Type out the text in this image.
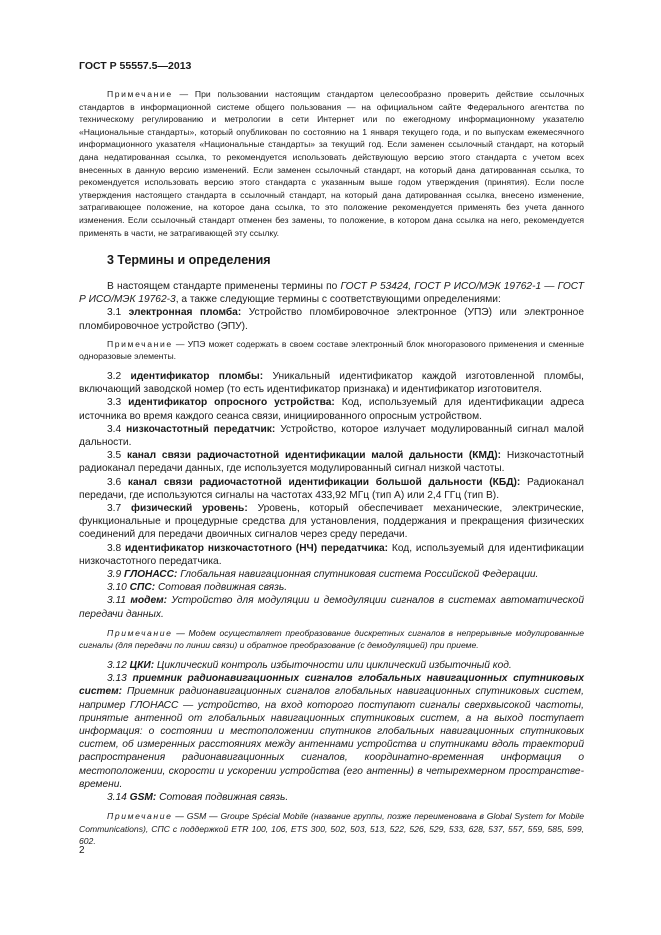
ГОСТ Р 55557.5—2013

Примечание — При пользовании настоящим стандартом целесообразно проверить действие ссылочных стандартов в информационной системе общего пользования — на официальном сайте Федерального агентства по техническому регулированию и метрологии в сети Интернет или по ежегодному информационному указателю «Национальные стандарты», который опубликован по состоянию на 1 января текущего года, и по выпускам ежемесячного информационного указателя «Национальные стандарты» за текущий год. Если заменен ссылочный стандарт, на который дана недатированная ссылка, то рекомендуется использовать действующую версию этого стандарта с учетом всех внесенных в данную версию изменений. Если заменен ссылочный стандарт, на который дана датированная ссылка, то рекомендуется использовать версию этого стандарта с указанным выше годом утверждения (принятия). Если после утверждения настоящего стандарта в ссылочный стандарт, на который дана датированная ссылка, внесено изменение, затрагивающее положение, на которое дана ссылка, то это положение рекомендуется применять без учета данного изменения. Если ссылочный стандарт отменен без замены, то положение, в котором дана ссылка на него, рекомендуется применять в части, не затрагивающей эту ссылку.

3 Термины и определения

В настоящем стандарте применены термины по ГОСТ Р 53424, ГОСТ Р ИСО/МЭК 19762-1 — ГОСТ Р ИСО/МЭК 19762-3, а также следующие термины с соответствующими определениями:

3.1 электронная пломба: Устройство пломбировочное электронное (УПЭ) или электронное пломбировочное устройство (ЭПУ).

Примечание — УПЭ может содержать в своем составе электронный блок многоразового применения и сменные одноразовые элементы.

3.2 идентификатор пломбы: Уникальный идентификатор каждой изготовленной пломбы, включающий заводской номер (то есть идентификатор признака) и идентификатор изготовителя.

3.3 идентификатор опросного устройства: Код, используемый для идентификации адреса источника во время каждого сеанса связи, инициированного опросным устройством.

3.4 низкочастотный передатчик: Устройство, которое излучает модулированный сигнал малой дальности.

3.5 канал связи радиочастотной идентификации малой дальности (КМД): Низкочастотный радиоканал передачи данных, где используется модулированный сигнал низкой частоты.

3.6 канал связи радиочастотной идентификации большой дальности (КБД): Радиоканал передачи, где используются сигналы на частотах 433,92 МГц (тип А) или 2,4 ГГц (тип В).

3.7 физический уровень: Уровень, который обеспечивает механические, электрические, функциональные и процедурные средства для установления, поддержания и прекращения физических соединений для передачи двоичных сигналов через среду передачи.

3.8 идентификатор низкочастотного (НЧ) передатчика: Код, используемый для идентификации низкочастотного передатчика.

3.9 ГЛОНАСС: Глобальная навигационная спутниковая система Российской Федерации.

3.10 СПС: Сотовая подвижная связь.

3.11 модем: Устройство для модуляции и демодуляции сигналов в системах автоматической передачи данных.

Примечание — Модем осуществляет преобразование дискретных сигналов в непрерывные модулированные сигналы (для передачи по линии связи) и обратное преобразование (с демодуляцией) при приеме.

3.12 ЦКИ: Циклический контроль избыточности или циклический избыточный код.

3.13 приемник радионавигационных сигналов глобальных навигационных спутниковых систем: Приемник радионавигационных сигналов глобальных навигационных спутниковых систем, например ГЛОНАСС — устройство, на вход которого поступают сигналы сверхвысокой частоты, принятые антенной от глобальных навигационных спутниковых систем, а на выход поступает информация: о состоянии и местоположении спутников глобальных навигационных спутниковых систем, об измеренных расстояниях между антеннами устройства и спутниками вдоль траекторий распространения радионавигационных сигналов, координатно-временная информация о местоположении, скорости и ускорении устройства (его антенны) в четырехмерном пространстве-времени.

3.14 GSM: Сотовая подвижная связь.

Примечание — GSM — Groupe Spécial Mobile (название группы, позже переименована в Global System for Mobile Communications), СПС с поддержкой ETR 100, 106, ETS 300, 502, 503, 513, 522, 526, 529, 533, 628, 537, 557, 559, 585, 599, 602.

2
